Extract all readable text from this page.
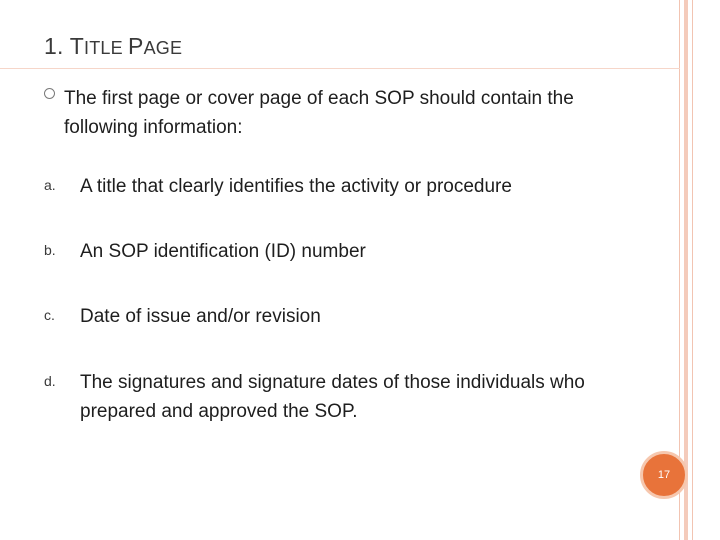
1. TITLE PAGE
The first page or cover page of each SOP should contain the following information:
a.	A title that clearly identifies the activity or procedure
b.	An SOP identification (ID) number
c.	Date of issue and/or revision
d.	The signatures and signature dates of those individuals who prepared and approved the SOP.
17
